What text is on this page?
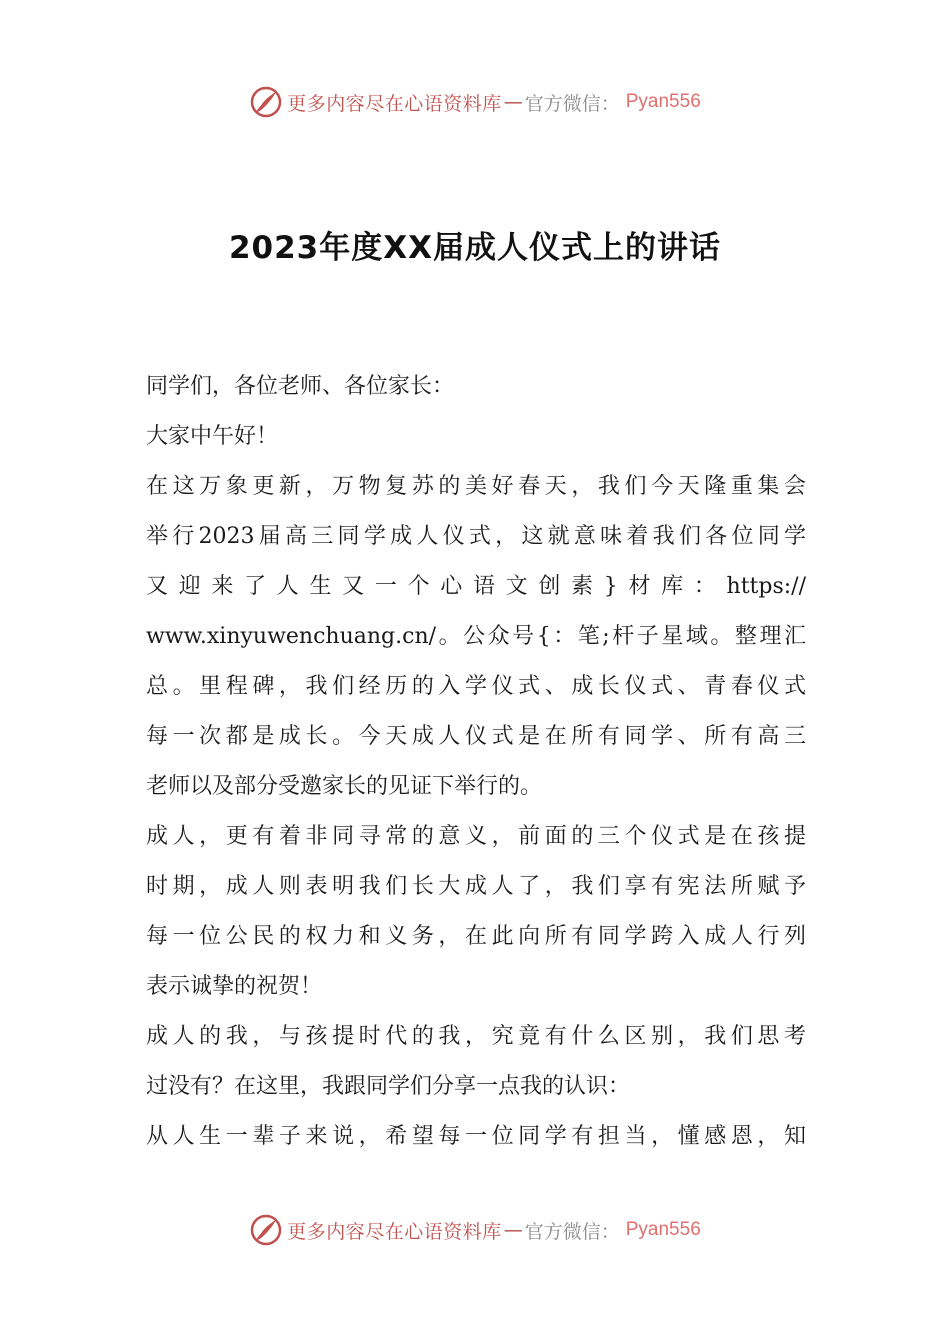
更多内容尽在心语资料库 — 官方微信： Pyan556
2023年度XX届成人仪式上的讲话
同学们，各位老师、各位家长：
大家中午好！
在这万象更新，万物复苏的美好春天，我们今天隆重集会
举行2023届高三同学成人仪式，这就意味着我们各位同学
又迎来了人生又一个心语文创素}材库：https://
www.xinyuwenchuang.cn/。公众号{：笔;杆子星域。整理汇
总。里程碑，我们经历的入学仪式、成长仪式、青春仪式
每一次都是成长。今天成人仪式是在所有同学、所有高三
老师以及部分受邀家长的见证下举行的。
成人，更有着非同寻常的意义，前面的三个仪式是在孩提
时期，成人则表明我们长大成人了，我们享有宪法所赋予
每一位公民的权力和义务，在此向所有同学跨入成人行列
表示诚挚的祝贺！
成人的我，与孩提时代的我，究竟有什么区别，我们思考
过没有？在这里，我跟同学们分享一点我的认识：
从人生一辈子来说，希望每一位同学有担当，懂感恩，知
更多内容尽在心语资料库 — 官方微信： Pyan556
